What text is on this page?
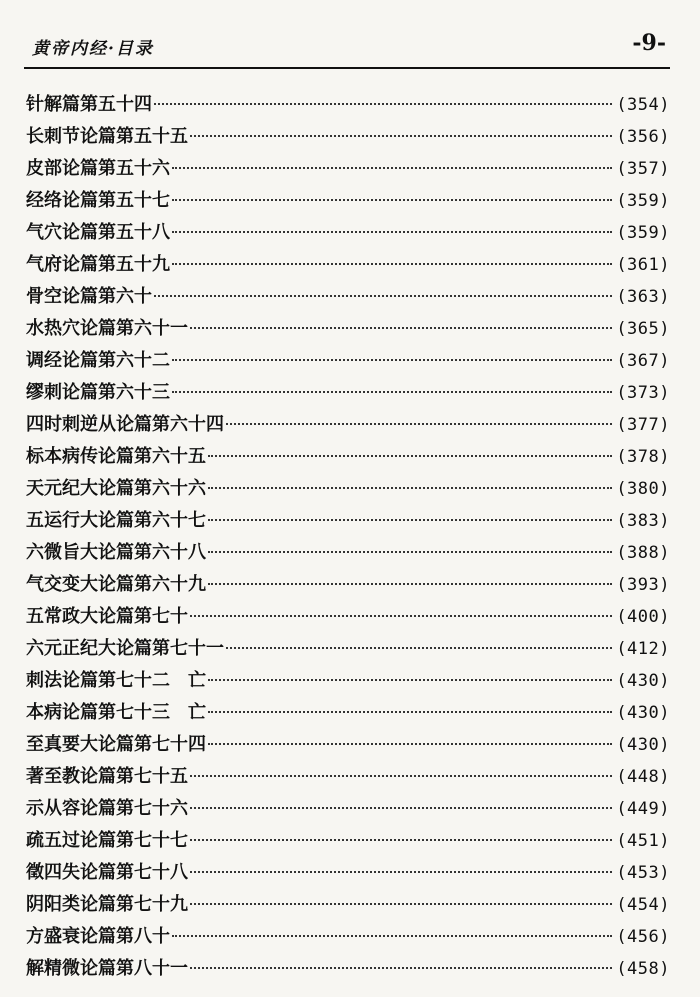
黄帝内经·目录	-9-
针解篇第五十四	(354)
长刺节论篇第五十五	(356)
皮部论篇第五十六	(357)
经络论篇第五十七	(359)
气穴论篇第五十八	(359)
气府论篇第五十九	(361)
骨空论篇第六十	(363)
水热穴论篇第六十一	(365)
调经论篇第六十二	(367)
缪刺论篇第六十三	(373)
四时刺逆从论篇第六十四	(377)
标本病传论篇第六十五	(378)
天元纪大论篇第六十六	(380)
五运行大论篇第六十七	(383)
六微旨大论篇第六十八	(388)
气交变大论篇第六十九	(393)
五常政大论篇第七十	(400)
六元正纪大论篇第七十一	(412)
刺法论篇第七十二　亡	(430)
本病论篇第七十三　亡	(430)
至真要大论篇第七十四	(430)
著至教论篇第七十五	(448)
示从容论篇第七十六	(449)
疏五过论篇第七十七	(451)
徵四失论篇第七十八	(453)
阴阳类论篇第七十九	(454)
方盛衰论篇第八十	(456)
解精微论篇第八十一	(458)
